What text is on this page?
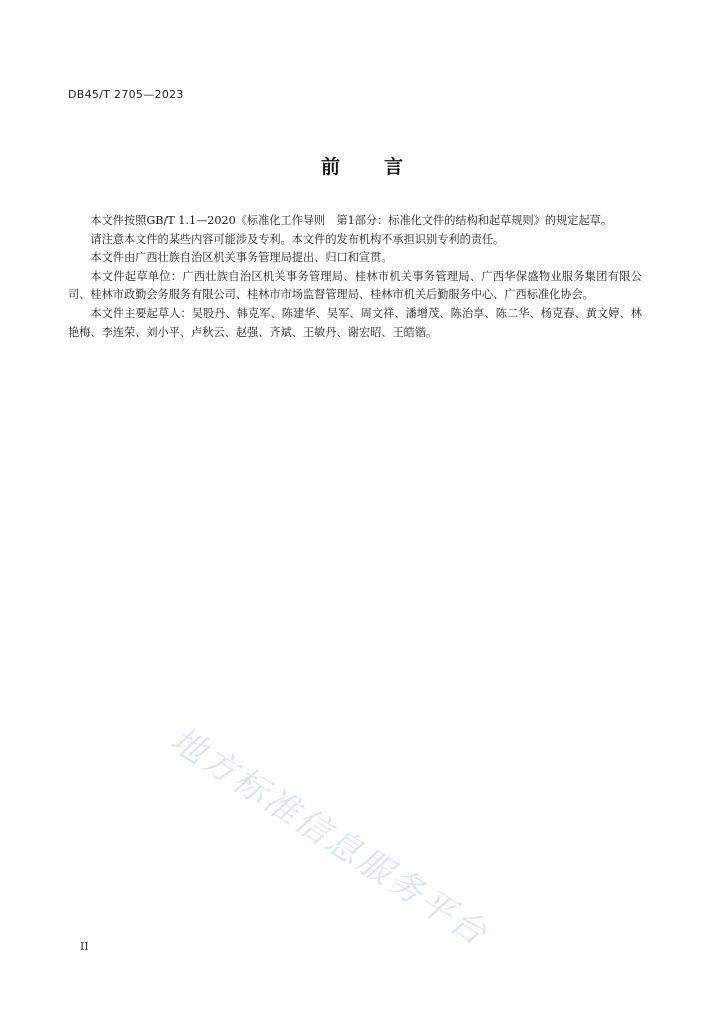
DB45/T 2705—2023
前 言

本文件按照GB/T 1.1—2020《标准化工作导则　第1部分：标准化文件的结构和起草规则》的规定起草。

请注意本文件的某些内容可能涉及专利。本文件的发布机构不承担识别专利的责任。

本文件由广西壮族自治区机关事务管理局提出、归口和宣贯。

本文件起草单位：广西壮族自治区机关事务管理局、桂林市机关事务管理局、广西华保盛物业服务集团有限公司、桂林市政勤会务服务有限公司、桂林市市场监督管理局、桂林市机关后勤服务中心、广西标准化协会。

本文件主要起草人：吴股丹、韩克军、陈建华、吴军、周文祥、潘增茂、陈治享、陈二华、杨克春、黄文婷、林艳梅、李连荣、刘小平、卢秋云、赵强、齐斌、王敏丹、谢宏昭、王皓锴。

地方标准信息服务平台
II
